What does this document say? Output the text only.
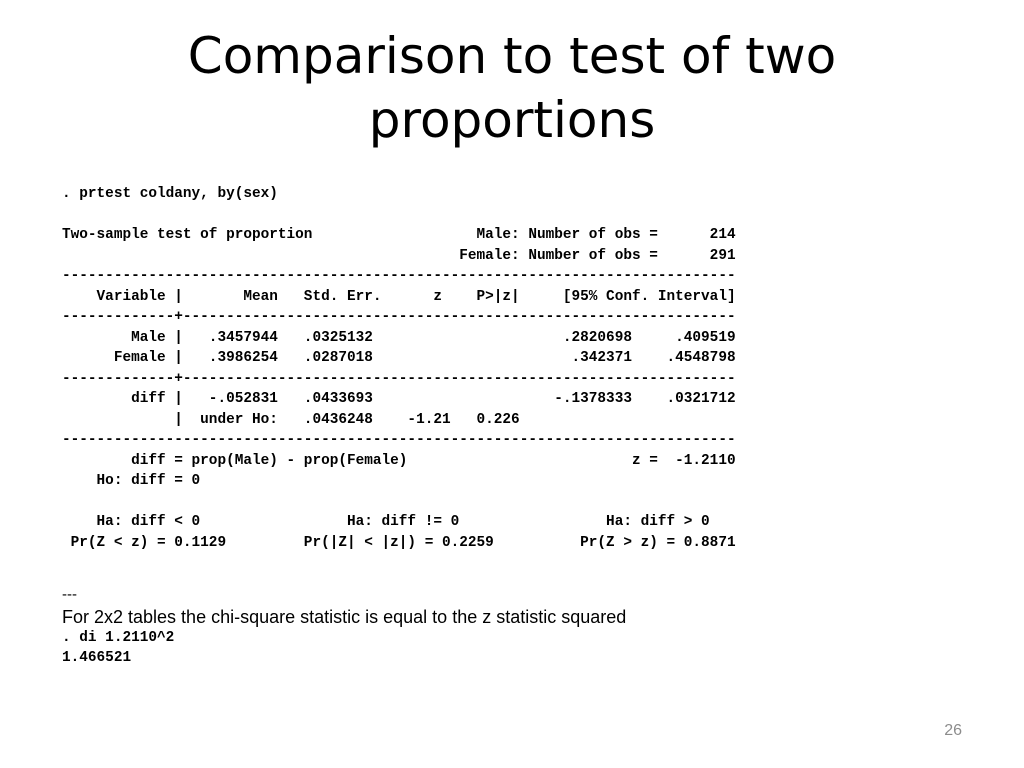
Comparison to test of two
proportions
. prtest coldany, by(sex)

Two-sample test of proportion                   Male: Number of obs =      214
Female: Number of obs =      291
------------------------------------------------------------------------------
Variable |       Mean   Std. Err.      z    P>|z|     [95% Conf. Interval]
-------------+----------------------------------------------------------------
Male |   .3457944   .0325132                      .2820698     .409519
Female |   .3986254   .0287018                       .342371    .4548798
-------------+----------------------------------------------------------------
diff |   -.052831   .0433693                     -.1378333    .0321712
|  under Ho:   .0436248    -1.21   0.226
------------------------------------------------------------------------------
diff = prop(Male) - prop(Female)                          z =  -1.2110
Ho: diff = 0

Ha: diff < 0                 Ha: diff != 0                 Ha: diff > 0
Pr(Z < z) = 0.1129         Pr(|Z| < |z|) = 0.2259          Pr(Z > z) = 0.8871
---
For 2x2 tables the chi-square statistic is equal to the z statistic squared
. di 1.2110^2
1.466521
26
